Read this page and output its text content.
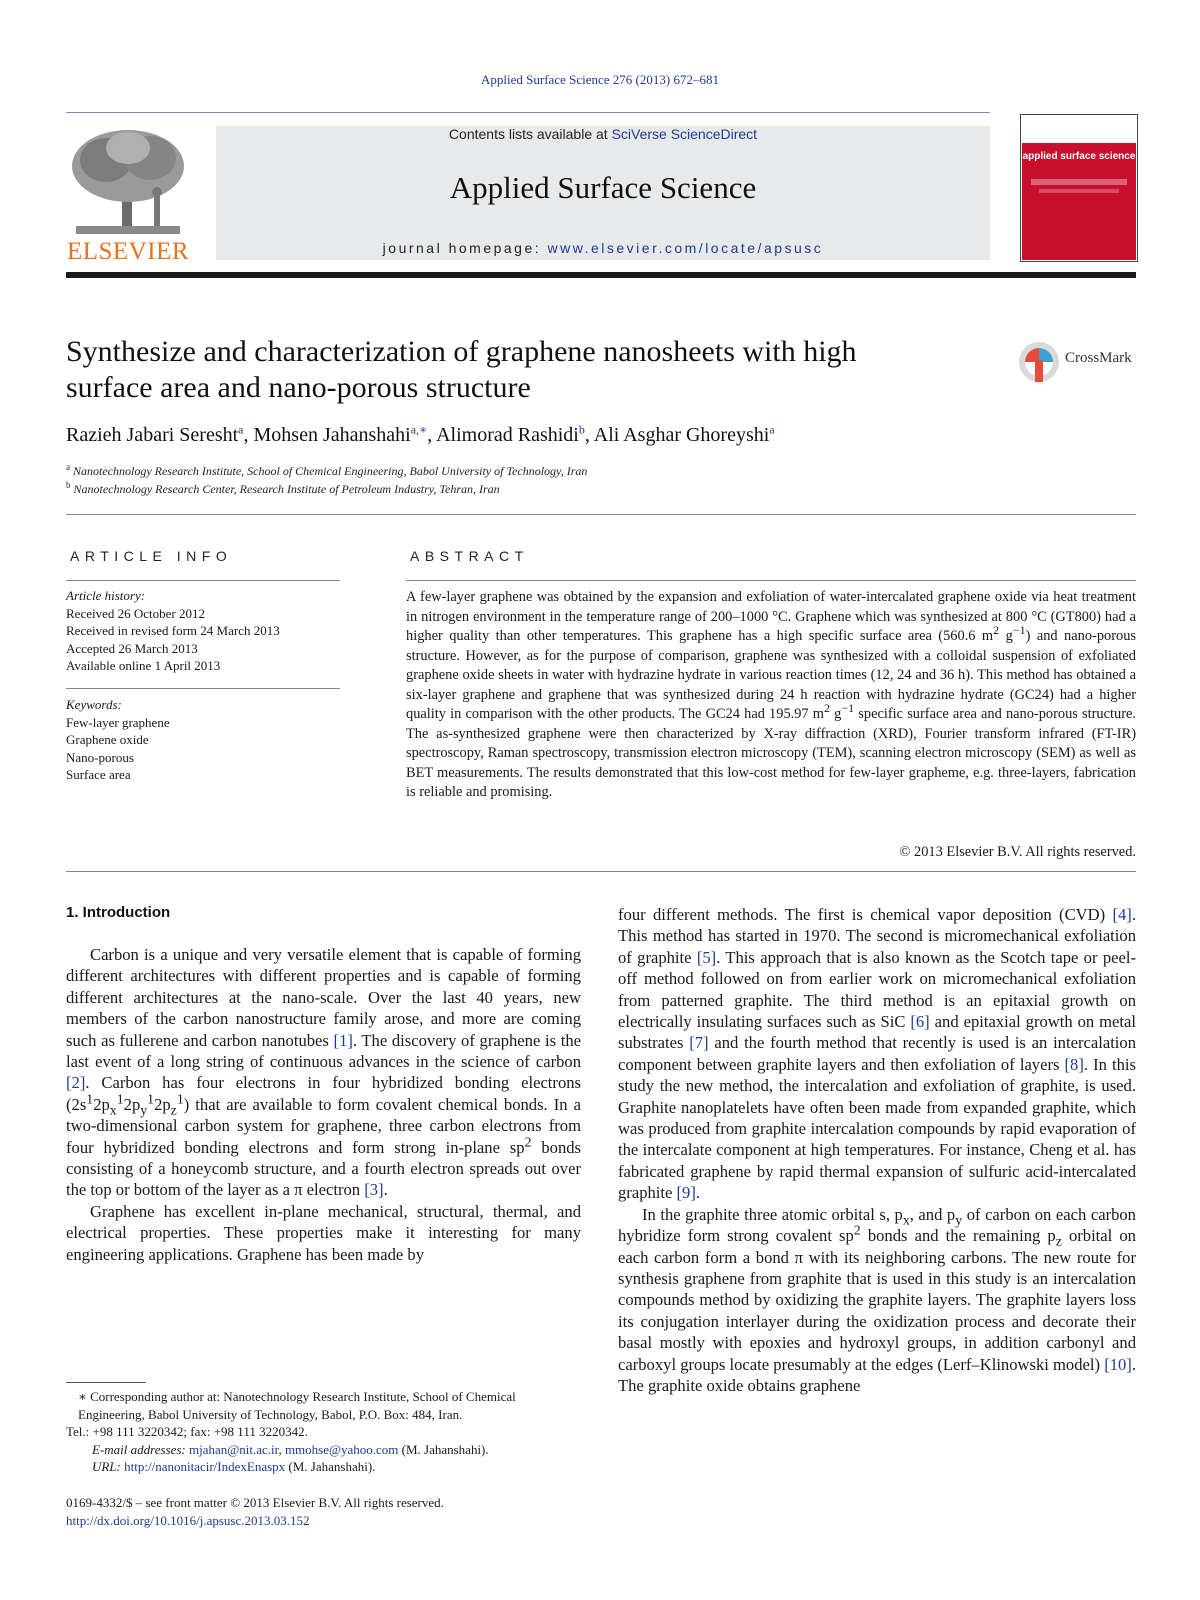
Applied Surface Science 276 (2013) 672–681
ELSEVIER
Contents lists available at SciVerse ScienceDirect
Applied Surface Science
journal homepage: www.elsevier.com/locate/apsusc
applied surface science
Synthesize and characterization of graphene nanosheets with high surface area and nano-porous structure
CrossMark
Razieh Jabari Seresht$^a$, Mohsen Jahanshahi$^{a,∗}$, Alimorad Rashidi$^b$, Ali Asghar Ghoreyshi$^a$
$^a$ Nanotechnology Research Institute, School of Chemical Engineering, Babol University of Technology, Iran
$^b$ Nanotechnology Research Center, Research Institute of Petroleum Industry, Tehran, Iran
ARTICLE INFO
Article history:
Received 26 October 2012
Received in revised form 24 March 2013
Accepted 26 March 2013
Available online 1 April 2013
Keywords:
Few-layer graphene
Graphene oxide
Nano-porous
Surface area
ABSTRACT
A few-layer graphene was obtained by the expansion and exfoliation of water-intercalated graphene oxide via heat treatment in nitrogen environment in the temperature range of 200–1000 °C. Graphene which was synthesized at 800 °C (GT800) had a higher quality than other temperatures. This graphene has a high specific surface area (560.6 $m^2$ $g^{-1}$) and nano-porous structure. However, as for the purpose of comparison, graphene was synthesized with a colloidal suspension of exfoliated graphene oxide sheets in water with hydrazine hydrate in various reaction times (12, 24 and 36 h). This method has obtained a six-layer graphene and graphene that was synthesized during 24 h reaction with hydrazine hydrate (GC24) had a higher quality in comparison with the other products. The GC24 had 195.97 $m^2$ $g^{-1}$ specific surface area and nano-porous structure. The as-synthesized graphene were then characterized by X-ray diffraction (XRD), Fourier transform infrared (FT-IR) spectroscopy, Raman spectroscopy, transmission electron microscopy (TEM), scanning electron microscopy (SEM) as well as BET measurements. The results demonstrated that this low-cost method for few-layer grapheme, e.g. three-layers, fabrication is reliable and promising.
© 2013 Elsevier B.V. All rights reserved.
1. Introduction

Carbon is a unique and very versatile element that is capable of forming different architectures with different properties and is capable of forming different architectures at the nano-scale. Over the last 40 years, new members of the carbon nanostructure family arose, and more are coming such as fullerene and carbon nanotubes [1]. The discovery of graphene is the last event of a long string of continuous advances in the science of carbon [2]. Carbon has four electrons in four hybridized bonding electrons $(2s^12p_x^12p_y^12p_z^1)$ that are available to form covalent chemical bonds. In a two-dimensional carbon system for graphene, three carbon electrons from four hybridized bonding electrons and form strong in-plane $sp^2$ bonds consisting of a honeycomb structure, and a fourth electron spreads out over the top or bottom of the layer as a π electron [3].

Graphene has excellent in-plane mechanical, structural, thermal, and electrical properties. These properties make it interesting for many engineering applications. Graphene has been made by

four different methods. The first is chemical vapor deposition (CVD) [4]. This method has started in 1970. The second is micromechanical exfoliation of graphite [5]. This approach that is also known as the Scotch tape or peel-off method followed on from earlier work on micromechanical exfoliation from patterned graphite. The third method is an epitaxial growth on electrically insulating surfaces such as SiC [6] and epitaxial growth on metal substrates [7] and the fourth method that recently is used is an intercalation component between graphite layers and then exfoliation of layers [8]. In this study the new method, the intercalation and exfoliation of graphite, is used. Graphite nanoplatelets have often been made from expanded graphite, which was produced from graphite intercalation compounds by rapid evaporation of the intercalate component at high temperatures. For instance, Cheng et al. has fabricated graphene by rapid thermal expansion of sulfuric acid-intercalated graphite [9].

In the graphite three atomic orbital s, $p_x$, and $p_y$ of carbon on each carbon hybridize form strong covalent $sp^2$ bonds and the remaining $p_z$ orbital on each carbon form a bond π with its neighboring carbons. The new route for synthesis graphene from graphite that is used in this study is an intercalation compounds method by oxidizing the graphite layers. The graphite layers loss its conjugation interlayer during the oxidization process and decorate their basal mostly with epoxies and hydroxyl groups, in addition carbonyl and carboxyl groups locate presumably at the edges (Lerf–Klinowski model) [10]. The graphite oxide obtains graphene

∗ Corresponding author at: Nanotechnology Research Institute, School of Chemical Engineering, Babol University of Technology, Babol, P.O. Box: 484, Iran.
Tel.: +98 111 3220342; fax: +98 111 3220342.
E-mail addresses: mjahan@nit.ac.ir, mmohse@yahoo.com (M. Jahanshahi).
URL: http://nanonitacir/IndexEnaspx (M. Jahanshahi).
0169-4332/$ – see front matter © 2013 Elsevier B.V. All rights reserved.
http://dx.doi.org/10.1016/j.apsusc.2013.03.152
